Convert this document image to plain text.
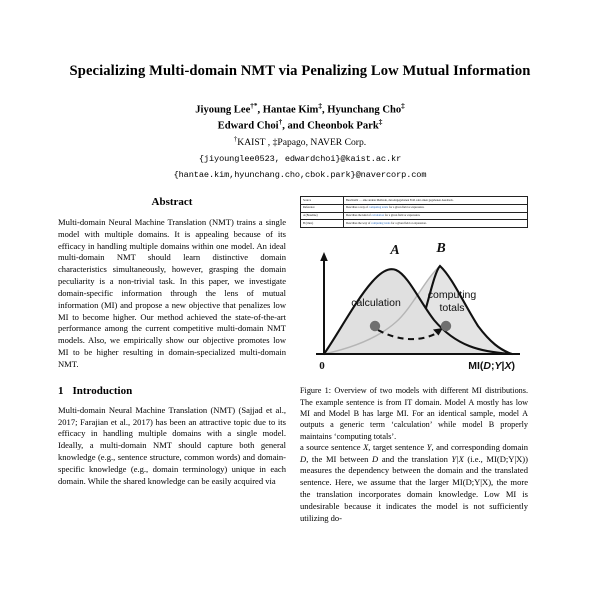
Specializing Multi-domain NMT via Penalizing Low Mutual Information
Jiyoung Lee†*, Hantae Kim‡, Hyunchang Cho‡
Edward Choi†, and Cheonbok Park‡
†KAIST , ‡Papago, NAVER Corp.
{jiyounglee0523, edwardchoi}@kaist.ac.kr
{hantae.kim,hyunchang.cho,cbok.park}@navercorp.com
Abstract

Multi-domain Neural Machine Translation (NMT) trains a single model with multiple domains. It is appealing because of its efficacy in handling multiple domains within one model. An ideal multi-domain NMT should learn distinctive domain characteristics simultaneously, however, grasping the domain peculiarity is a non-trivial task. In this paper, we investigate domain-specific information through the lens of mutual information (MI) and propose a new objective that penalizes low MI to become higher. Our method achieved the state-of-the-art performance among the current competitive multi-domain NMT models. Also, we empirically show our objective promotes low MI to be higher resulting in domain-specialized multi-domain NMT.

1 Introduction

Multi-domain Neural Machine Translation (NMT) (Sajjad et al., 2017; Farajian et al., 2017) has been an attractive topic due to its efficacy in handling multiple domains with a single model. Ideally, a multi-domain NMT should capture both general knowledge (e.g., sentence structure, common words) and domain-specific knowledge (e.g., domain terminology) unique in each domain. While the shared knowledge can be easily acquired via

Source	Beschreibt … eine andere Methode, den eingegebenen Feld oder einen gegebenen Ausdruck.
Reference	Describes a way of computing totals for a given field or expression.
A (Baseline)	Describes the kind of calculation for a given field or expression.
B (Ours)	Describes the way of computing totals for a given field or expression.
A	B
calculation
computing
totals
0	MI(D;Y|X)

Figure 1: Overview of two models with different MI distributions. The example sentence is from IT domain. Model A mostly has low MI and Model B has large MI. For an identical sample, model A outputs a generic term ‘calculation’ while model B properly maintains ‘computing totals’.

a source sentence X, target sentence Y, and corresponding domain D, the MI between D and the translation Y|X (i.e., MI(D;Y|X)) measures the dependency between the domain and the translated sentence. Here, we assume that the larger MI(D;Y|X), the more the translation incorporates domain knowledge. Low MI is undesirable because it indicates the model is not sufficiently utilizing do-
